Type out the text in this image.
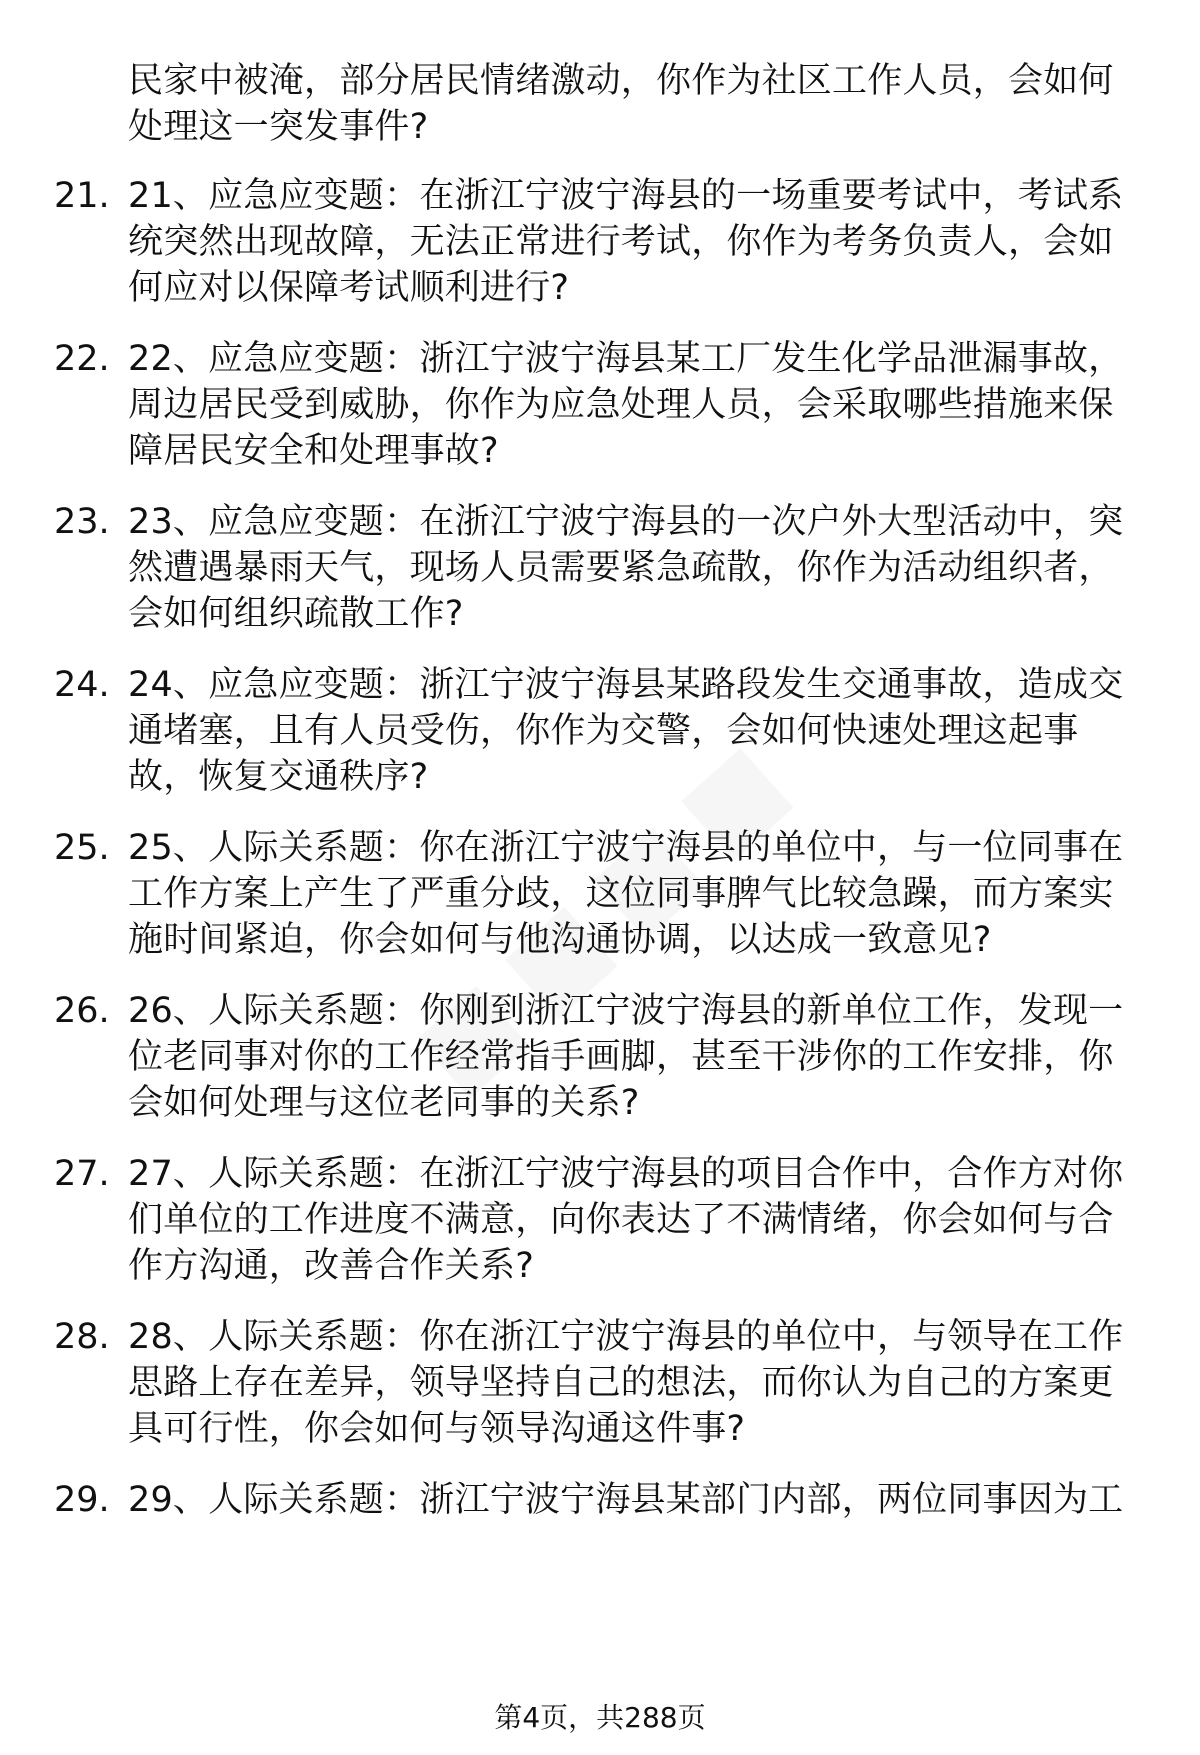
民家中被淹，部分居民情绪激动，你作为社区工作人员，会如何处理这一突发事件?

21. 21、应急应变题：在浙江宁波宁海县的一场重要考试中，考试系统突然出现故障，无法正常进行考试，你作为考务负责人，会如何应对以保障考试顺利进行?

22. 22、应急应变题：浙江宁波宁海县某工厂发生化学品泄漏事故，周边居民受到威胁，你作为应急处理人员，会采取哪些措施来保障居民安全和处理事故?

23. 23、应急应变题：在浙江宁波宁海县的一次户外大型活动中，突然遭遇暴雨天气，现场人员需要紧急疏散，你作为活动组织者，会如何组织疏散工作?

24. 24、应急应变题：浙江宁波宁海县某路段发生交通事故，造成交通堵塞，且有人员受伤，你作为交警，会如何快速处理这起事故，恢复交通秩序?

25. 25、人际关系题：你在浙江宁波宁海县的单位中，与一位同事在工作方案上产生了严重分歧，这位同事脾气比较急躁，而方案实施时间紧迫，你会如何与他沟通协调，以达成一致意见?

26. 26、人际关系题：你刚到浙江宁波宁海县的新单位工作，发现一位老同事对你的工作经常指手画脚，甚至干涉你的工作安排，你会如何处理与这位老同事的关系?

27. 27、人际关系题：在浙江宁波宁海县的项目合作中，合作方对你们单位的工作进度不满意，向你表达了不满情绪，你会如何与合作方沟通，改善合作关系?

28. 28、人际关系题：你在浙江宁波宁海县的单位中，与领导在工作思路上存在差异，领导坚持自己的想法，而你认为自己的方案更具可行性，你会如何与领导沟通这件事?

29. 29、人际关系题：浙江宁波宁海县某部门内部，两位同事因为工

第4页，共288页
